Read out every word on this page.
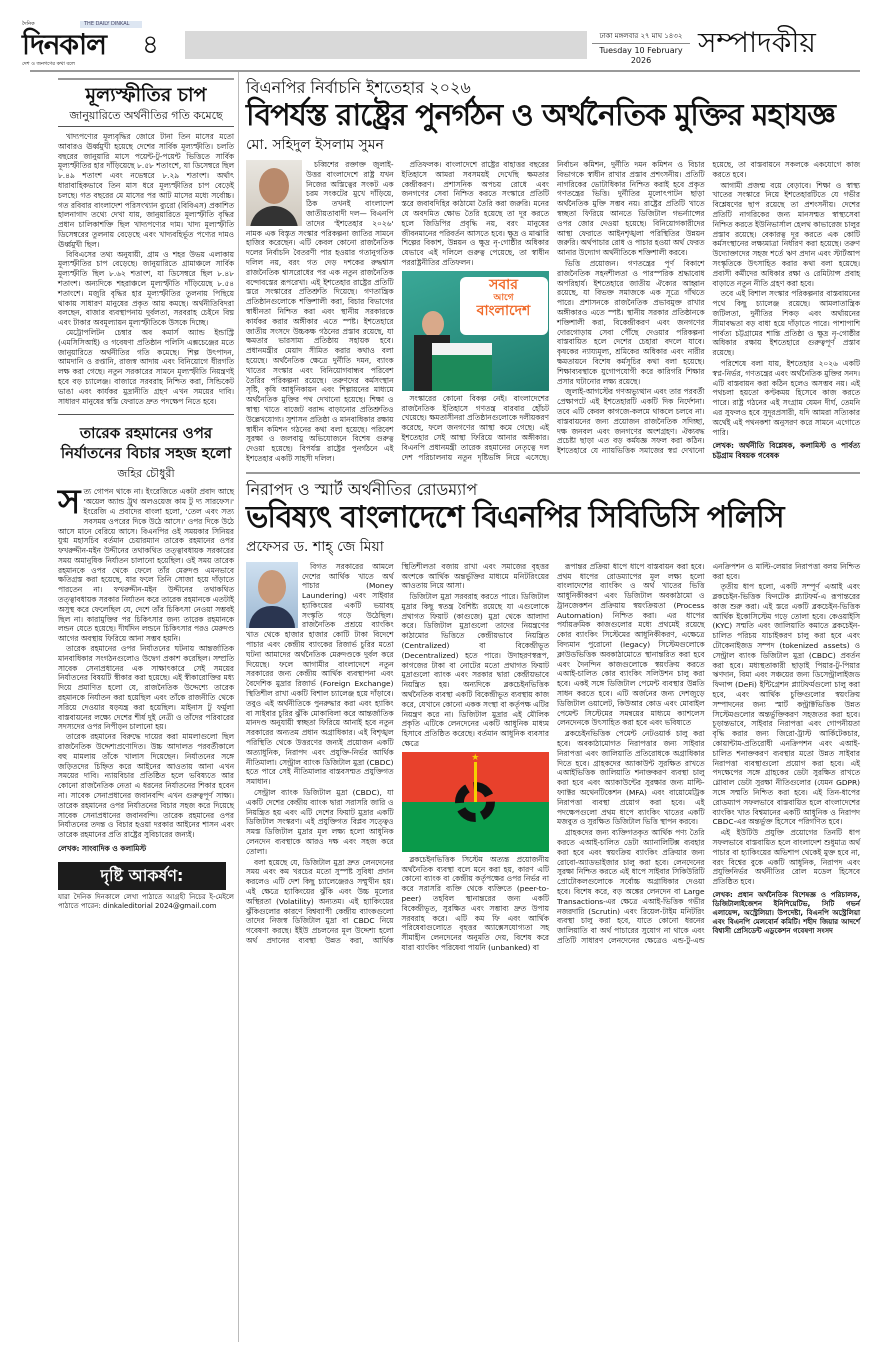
দৈনিক	THE DAILY DINKAL
দিনকাল
দেশ ও জনগণের কথা বলে
৪	ঢাকা মঙ্গলবার ২৭ মাঘ ১৪৩২
Tuesday 10 February 2026
সম্পাদকীয়
মূল্যস্ফীতির চাপ
জানুয়ারিতে অর্থনীতির গতি কমেছে

খাদ্যপণ্যের মূল্যবৃদ্ধির জোরে টানা তিন মাসের মতো আবারও ঊর্ধ্বমুখী হয়েছে দেশের সার্বিক মূল্যস্ফীতি। চলতি বছরের জানুয়ারি মাসে পয়েন্ট-টু-পয়েন্ট ভিত্তিতে সার্বিক মূল্যস্ফীতির হার দাঁড়িয়েছে ৮.৫৮ শতাংশে, যা ডিসেম্বরে ছিল ৮.৪৯ শতাংশ এবং নভেম্বরে ৮.২৯ শতাংশ। অর্থাৎ ধারাবাহিকভাবে তিন মাস ধরে মূল্যস্ফীতির চাপ বেড়েই চলছে। গত বছরের মে মাসের পর আট মাসের মধ্যে সর্বোচ্চ। গত রবিবার বাংলাদেশ পরিসংখ্যান ব্যুরো (বিবিএস) প্রকাশিত হালনাগাদ তথ্যে দেখা যায়, জানুয়ারিতে মূল্যস্ফীতি বৃদ্ধির প্রধান চালিকাশক্তি ছিল খাদ্যপণ্যের দাম। খাদ্য মূল্যস্ফীতি ডিসেম্বরের তুলনায় বেড়েছে এবং খাদ্যবহির্ভূত পণ্যের দামও ঊর্ধ্বমুখী ছিল।

বিবিএসের তথ্য অনুযায়ী, গ্রাম ও শহর উভয় এলাকায় মূল্যস্ফীতির চাপ বেড়েছে। জানুয়ারিতে গ্রামাঞ্চলে সার্বিক মূল্যস্ফীতি ছিল ৮.৬২ শতাংশ, যা ডিসেম্বরে ছিল ৮.৪৮ শতাংশ। অন্যদিকে শহরাঞ্চলে মূল্যস্ফীতি দাঁড়িয়েছে ৮.৫৪ শতাংশে। মজুরি বৃদ্ধির হার মূল্যস্ফীতির তুলনায় পিছিয়ে থাকায় সাধারণ মানুষের প্রকৃত আয় কমছে। অর্থনীতিবিদরা বলছেন, বাজার ব্যবস্থাপনায় দুর্বলতা, সরবরাহ চেইনে বিঘ্ন এবং টাকার অবমূল্যায়ন মূল্যস্ফীতিকে উসকে দিচ্ছে।

মেট্রোপলিটন চেম্বার অব কমার্স অ্যান্ড ইন্ডাস্ট্রি (এমসিসিআই) ও গবেষণা প্রতিষ্ঠান পলিসি এক্সচেঞ্জের মতে জানুয়ারিতে অর্থনীতির গতি কমেছে। শিল্প উৎপাদন, আমদানি ও রপ্তানি, রাজস্ব আদায় এবং বিনিয়োগে ধীরগতি লক্ষ করা গেছে। নতুন সরকারের সামনে মূল্যস্ফীতি নিয়ন্ত্রণই হবে বড় চ্যালেঞ্জ। বাজারে সরবরাহ নিশ্চিত করা, সিন্ডিকেট ভাঙা এবং কার্যকর মুদ্রানীতি গ্রহণ এখন সময়ের দাবি। সাধারণ মানুষের স্বস্তি ফেরাতে দ্রুত পদক্ষেপ নিতে হবে।

তারেক রহমানের ওপর নির্যাতনের বিচার সহজ হলো
জহির চৌধুরী
স ত্য গোপন থাকে না। ইংরেজিতে একটা প্রবাদ আছে 'অয়েল অ্যান্ড ট্রুথ অলওয়েজ কাম টু দ্য সারফেস।' ইংরেজি এ প্রবাদের বাংলা হলো, 'তেল এবং সত্য সবসময় ওপরের দিকে উঠে আসে।' ওপর দিকে উঠে আসে মানে বেরিয়ে আসে। বিএনপির ওই সময়কার সিনিয়র যুগ্ম মহাসচিব বর্তমান চেয়ারম্যান তারেক রহমানের ওপর ফখরুদ্দীন-মইন উদ্দীনের তথাকথিত তত্ত্বাবধায়ক সরকারের সময় অমানুষিক নির্যাতন চালানো হয়েছিল। ওই সময় তারেক রহমানকে ওপর থেকে ফেলে তাঁর মেরুদণ্ড এমনভাবে ক্ষতিগ্রস্ত করা হয়েছে, যার ফলে তিনি সোজা হয়ে দাঁড়াতে পারতেন না। ফখরুদ্দীন-মইন উদ্দীনের তথাকথিত তত্ত্বাবধায়ক সরকার নির্যাতন করে তারেক রহমানকে এতটাই অসুস্থ করে ফেলেছিল যে, দেশে তাঁর চিকিৎসা নেওয়া সম্ভবই ছিল না। কারামুক্তির পর চিকিৎসার জন্য তারেক রহমানকে লন্ডন যেতে হয়েছে। দীর্ঘদিন লন্ডনে চিকিৎসার পরও মেরুদণ্ড আগের অবস্থায় ফিরিয়ে আনা সম্ভব হয়নি।

তারেক রহমানের ওপর নির্যাতনের ঘটনায় আন্তর্জাতিক মানবাধিকার সংগঠনগুলোও উদ্বেগ প্রকাশ করেছিল। সম্প্রতি সাবেক সেনাপ্রধানের এক সাক্ষাৎকারে সেই সময়ের নির্যাতনের বিষয়টি স্বীকার করা হয়েছে। এই স্বীকারোক্তির মধ্য দিয়ে প্রমাণিত হলো যে, রাজনৈতিক উদ্দেশ্যে তারেক রহমানকে নির্যাতন করা হয়েছিল এবং তাঁকে রাজনীতি থেকে সরিয়ে দেওয়ার ষড়যন্ত্র করা হয়েছিল। মাইনাস টু ফর্মুলা বাস্তবায়নের লক্ষ্যে দেশের শীর্ষ দুই নেত্রী ও তাঁদের পরিবারের সদস্যদের ওপর নিপীড়ন চালানো হয়।

তারেক রহমানের বিরুদ্ধে দায়ের করা মামলাগুলো ছিল রাজনৈতিক উদ্দেশ্যপ্রণোদিত। উচ্চ আদালত পরবর্তীকালে বহু মামলায় তাঁকে খালাস দিয়েছেন। নির্যাতনের সঙ্গে জড়িতদের চিহ্নিত করে আইনের আওতায় আনা এখন সময়ের দাবি। ন্যায়বিচার প্রতিষ্ঠিত হলে ভবিষ্যতে আর কোনো রাজনৈতিক নেতা এ ধরনের নির্যাতনের শিকার হবেন না। সাবেক সেনাপ্রধানের জবানবন্দি এখন গুরুত্বপূর্ণ সাক্ষ্য। তারেক রহমানের ওপর নির্যাতনের বিচার সহজ করে দিয়েছে সাবেক সেনাপ্রধানের জবানবন্দি। তারেক রহমানের ওপর নির্যাতনের তদন্ত ও বিচার হওয়া দরকার আইনের শাসন এবং তারেক রহমানের প্রতি রাষ্ট্রের সুবিচারের জন্যই।

লেখক: সাংবাদিক ও কলামিস্ট
দৃষ্টি আকর্ষণ:
যারা দৈনিক দিনকালে লেখা পাঠাতে আগ্রহী নিচের ই-মেইলে পাঠাতে পারেন: dinkaleditorial 2024@gmail.com
বিএনপির নির্বাচনি ইশতেহার ২০২৬
বিপর্যস্ত রাষ্ট্রের পুনর্গঠন ও অর্থনৈতিক মুক্তির মহাযজ্ঞ
মো. সহিদুল ইসলাম সুমন

চব্বিশের রক্তাক্ত জুলাই-উত্তর বাংলাদেশে রাষ্ট্র যখন নিজের অস্তিত্বের সংকট এক চরম সংকটের মুখে দাঁড়িয়ে, ঠিক তখনই বাংলাদেশ জাতীয়তাবাদী দল— বিএনপি তাদের 'ইশতেহার ২০২৬' নামক এক বিস্তৃত সংস্কার পরিকল্পনা জাতির সামনে হাজির করেছেন। এটি কেবল কোনো রাজনৈতিক দলের নির্বাচনি বৈতরণী পার হওয়ার গতানুগতিক দলিল নয়, বরং গত দেড় দশকের রুদ্ধশ্বাস রাজনৈতিক শ্বাসরোধের পর এক নতুন রাজনৈতিক বন্দোবস্তের রূপরেখা। এই ইশতেহার রাষ্ট্রের প্রতিটি স্তরে সংস্কারের প্রতিশ্রুতি দিয়েছে। গণতান্ত্রিক প্রতিষ্ঠানগুলোকে শক্তিশালী করা, বিচার বিভাগের স্বাধীনতা নিশ্চিত করা এবং স্থানীয় সরকারকে কার্যকর করার অঙ্গীকার এতে স্পষ্ট। ইশতেহারে জাতীয় সংসদে উচ্চকক্ষ গঠনের প্রস্তাব রয়েছে, যা ক্ষমতার ভারসাম্য প্রতিষ্ঠায় সহায়ক হবে। প্রধানমন্ত্রীর মেয়াদ সীমিত করার কথাও বলা হয়েছে। অর্থনৈতিক ক্ষেত্রে দুর্নীতি দমন, ব্যাংক খাতের সংস্কার এবং বিনিয়োগবান্ধব পরিবেশ তৈরির পরিকল্পনা রয়েছে। তরুণদের কর্মসংস্থান সৃষ্টি, কৃষি আধুনিকায়ন এবং শিল্পায়নের মাধ্যমে অর্থনৈতিক মুক্তির পথ দেখানো হয়েছে। শিক্ষা ও স্বাস্থ্য খাতে বাজেট বরাদ্দ বাড়ানোর প্রতিশ্রুতিও উল্লেখযোগ্য। সুশাসন প্রতিষ্ঠা ও মানবাধিকার রক্ষায় স্বাধীন কমিশন গঠনের কথা বলা হয়েছে। পরিবেশ সুরক্ষা ও জলবায়ু অভিযোজনে বিশেষ গুরুত্ব দেওয়া হয়েছে। বিপর্যস্ত রাষ্ট্রের পুনর্গঠনে এই ইশতেহার একটি সাহসী দলিল।

প্রতিফলক। বাংলাদেশে রাষ্ট্রের বাহাত্তর বছরের ইতিহাসে আমরা সবসময়ই দেখেছি ক্ষমতার কেন্দ্রীকরণ। প্রশাসনিক অপচয় রোধে এবং জনগণের সেবা নিশ্চিত করতে সংস্কারে প্রতিটি স্তরে জবাবদিহির কাঠামো তৈরি করা জরুরি। মনের যে অবদমিত ক্ষোভ তৈরি হয়েছে তা দূর করতে হলে জিডিপির প্রবৃদ্ধি নয়, বরং মানুষের জীবনমানের পরিবর্তন আসতে হবে। ক্ষুদ্র ও মাঝারি শিল্পের বিকাশ, উন্নয়ন ও ক্ষুদ্র নৃ-গোষ্ঠীর অধিকার যেভাবে এই দলিলে গুরুত্ব পেয়েছে, তা স্বাধীন পররাষ্ট্রনীতির প্রতিফলন।

সবার
আগে
বাংলাদেশ

সংস্কারের কোনো বিকল্প নেই। বাংলাদেশের রাজনৈতিক ইতিহাসে গণতন্ত্র বারবার হোঁচট খেয়েছে। ক্ষমতাসীনরা প্রতিষ্ঠানগুলোকে দলীয়করণ করেছে, ফলে জনগণের আস্থা কমে গেছে। এই ইশতেহার সেই আস্থা ফিরিয়ে আনার অঙ্গীকার। বিএনপি প্রধানমন্ত্রী তারেক রহমানের নেতৃত্বে দল দেশ পরিচালনায় নতুন দৃষ্টিভঙ্গি নিয়ে এসেছে। নির্বাচন কমিশন, দুর্নীতি দমন কমিশন ও বিচার বিভাগকে স্বাধীন রাখার প্রস্তাব প্রশংসনীয়। প্রতিটি নাগরিকের ভোটাধিকার নিশ্চিত করাই হবে প্রকৃত গণতন্ত্রের ভিত্তি। দুর্নীতির মূলোৎপাটন ছাড়া অর্থনৈতিক মুক্তি সম্ভব নয়। রাষ্ট্রের প্রতিটি খাতে স্বচ্ছতা ফিরিয়ে আনতে ডিজিটাল গভর্ন্যান্সের ওপর জোর দেওয়া হয়েছে। বিনিয়োগকারীদের আস্থা ফেরাতে আইনশৃঙ্খলা পরিস্থিতির উন্নয়ন জরুরি। অর্থপাচার রোধ ও পাচার হওয়া অর্থ ফেরত আনার উদ্যোগ অর্থনীতিকে শক্তিশালী করবে।

ভিত্তি প্রয়োজন। গণতন্ত্রের পূর্ণ বিকাশে রাজনৈতিক সহনশীলতা ও পারস্পরিক শ্রদ্ধাবোধ অপরিহার্য। ইশতেহারে জাতীয় ঐক্যের আহ্বান রয়েছে, যা বিভক্ত সমাজকে এক সূত্রে গাঁথতে পারে। প্রশাসনকে রাজনৈতিক প্রভাবমুক্ত রাখার অঙ্গীকারও এতে স্পষ্ট। স্থানীয় সরকার প্রতিষ্ঠানকে শক্তিশালী করা, বিকেন্দ্রীকরণ এবং জনগণের দোরগোড়ায় সেবা পৌঁছে দেওয়ার পরিকল্পনা বাস্তবায়িত হলে দেশের চেহারা বদলে যাবে। কৃষকের ন্যায্যমূল্য, শ্রমিকের অধিকার এবং নারীর ক্ষমতায়নে বিশেষ কর্মসূচির কথা বলা হয়েছে। শিক্ষাব্যবস্থাকে যুগোপযোগী করে কারিগরি শিক্ষার প্রসার ঘটানোর লক্ষ্য রয়েছে।

জুলাই-আগস্টের গণঅভ্যুত্থান এবং তার পরবর্তী প্রেক্ষাপটে এই ইশতেহারটি একটি দিক নির্দেশনা। তবে এটি কেবল কাগজে-কলমে থাকলে চলবে না। বাস্তবায়নের জন্য প্রয়োজন রাজনৈতিক সদিচ্ছা, দক্ষ জনবল এবং জনগণের অংশগ্রহণ। ঐক্যবদ্ধ প্রচেষ্টা ছাড়া এত বড় কর্মযজ্ঞ সফল করা কঠিন। ইশতেহারে যে ন্যায়ভিত্তিক সমাজের স্বপ্ন দেখানো হয়েছে, তা বাস্তবায়নে সকলকে একযোগে কাজ করতে হবে।

আগামী প্রজন্ম বয়ে বেড়াবে। শিক্ষা ও স্বাস্থ্য খাতের সংস্কারে নিয়ে ইশতেহারটিতে যে গভীর বিশ্লেষণের ছাপ রয়েছে তা প্রশংসনীয়। দেশের প্রতিটি নাগরিকের জন্য মানসম্মত স্বাস্থ্যসেবা নিশ্চিত করতে ইউনিভার্সাল হেলথ কাভারেজ চালুর প্রস্তাব রয়েছে। বেকারত্ব দূর করতে এক কোটি কর্মসংস্থানের লক্ষ্যমাত্রা নির্ধারণ করা হয়েছে। তরুণ উদ্যোক্তাদের সহজ শর্তে ঋণ প্রদান এবং স্টার্টআপ সংস্কৃতিকে উৎসাহিত করার কথা বলা হয়েছে। প্রবাসী কর্মীদের অধিকার রক্ষা ও রেমিট্যান্স প্রবাহ বাড়াতে নতুন নীতি গ্রহণ করা হবে।

তবে এই বিশাল সংস্কার পরিকল্পনার বাস্তবায়নের পথে কিছু চ্যালেঞ্জ রয়েছে। আমলাতান্ত্রিক জটিলতা, দুর্নীতির শিকড় এবং অর্থায়নের সীমাবদ্ধতা বড় বাধা হয়ে দাঁড়াতে পারে। পাশাপাশি পার্বত্য চট্টগ্রামের শান্তি প্রতিষ্ঠা ও ক্ষুদ্র নৃ-গোষ্ঠীর অধিকার রক্ষায় ইশতেহারে গুরুত্বপূর্ণ প্রস্তাব রয়েছে।

পরিশেষে বলা যায়, ইশতেহার ২০২৬ একটি স্বপ্ন-নির্ভর, গণতন্ত্রের এবং অর্থনৈতিক মুক্তির সনদ। এটি বাস্তবায়ন করা কঠিন হলেও অসম্ভব নয়। এই পথচলা হয়তো কণ্টকময় হিসেবে কাজ করতে পারে। রাষ্ট্র গঠনের এই সংগ্রাম যেমন দীর্ঘ, তেমনি এর সুফলও হবে সুদূরপ্রসারী, যদি আমরা সত্যিকার অর্থেই এই পথনকশা অনুসরণ করে সামনে এগোতে পারি।

লেখক: অর্থনীতি বিশ্লেষক, কলামিস্ট ও পার্বত্য চট্টগ্রাম বিষয়ক গবেষক
নিরাপদ ও স্মার্ট অর্থনীতির রোডম্যাপ
ভবিষ্যৎ বাংলাদেশে বিএনপির সিবিডিসি পলিসি
প্রফেসর ড. শাহ্ জে মিয়া

বিগত সরকারের আমলে দেশের আর্থিক খাতে অর্থ পাচার (Money Laundering) এবং সাইবার হ্যাকিংয়ের একটি ভয়াবহ সংস্কৃতি গড়ে উঠেছিল। রাজনৈতিক প্রশ্রয়ে ব্যাংকিং খাত থেকে হাজার হাজার কোটি টাকা বিদেশে পাচার এবং কেন্দ্রীয় ব্যাংকের রিজার্ভ চুরির মতো ঘটনা আমাদের অর্থনৈতিক মেরুদণ্ডকে দুর্বল করে দিয়েছে। ফলে আগামীর বাংলাদেশে নতুন সরকারের জন্য কেন্দ্রীয় আর্থিক ব্যবস্থাপনা এবং বৈদেশিক মুদ্রার রিজার্ভ (Foreign Exchange) স্থিতিশীল রাখা একটি বিশাল চ্যালেঞ্জ হয়ে দাঁড়াবে। তবুও এই অর্থনীতিকে পুনরুদ্ধার করা এবং হ্যাকিং বা সাইবার চুরির ঝুঁকি মোকাবিলা করে আন্তর্জাতিক মানদণ্ড অনুযায়ী স্বচ্ছতা ফিরিয়ে আনাই হবে নতুন সরকারের অন্যতম প্রধান অগ্রাধিকার। এই বিশৃঙ্খল পরিস্থিতি থেকে উত্তরণের জন্যই প্রয়োজন একটি অত্যাধুনিক, নিরাপদ এবং প্রযুক্তি-নির্ভর আর্থিক নীতিমালা। সেন্ট্রাল ব্যাংক ডিজিটাল মুদ্রা (CBDC) হতে পারে সেই নীতিমালার বাস্তবসম্মত প্রযুক্তিগত সমাধান।

সেন্ট্রাল ব্যাংক ডিজিটাল মুদ্রা (CBDC), যা একটি দেশের কেন্দ্রীয় ব্যাংক দ্বারা সরাসরি জারি ও নিয়ন্ত্রিত হয় এবং এটি দেশের ফিয়াট মুদ্রার একটি ডিজিটাল সংস্করণ। এই প্রযুক্তিগত বিপ্লব সত্ত্বেও সমস্ত ডিজিটাল মুদ্রার মূল লক্ষ্য হলো আধুনিক লেনদেন ব্যবস্থাকে আরও দক্ষ এবং সহজ করে তোলা।

বলা হয়েছে যে, ডিজিটাল মুদ্রা দ্রুত লেনদেনের সময় এবং কম খরচের মতো সুস্পষ্ট সুবিধা প্রদান করলেও এটি দেশ কিছু চ্যালেঞ্জেরও সম্মুখীন হয়। এই ক্ষেত্রে হ্যাকিংয়ের ঝুঁকি এবং উচ্চ মূল্যের অস্থিরতা (Volatility) অন্যতম। এই হ্যাকিংয়ের ঝুঁকিগুলোর কারণে বিশ্বব্যাপী কেন্দ্রীয় ব্যাংকগুলো তাদের নিজস্ব ডিজিটাল মুদ্রা বা CBDC নিয়ে গবেষণা করছে। ইইউ প্রচলনের মূল উদ্দেশ্য হলো অর্থ প্রদানের ব্যবস্থা উন্নত করা, আর্থিক স্থিতিশীলতা বজায় রাখা এবং সমাজের বৃহত্তর অংশকে আর্থিক অন্তর্ভুক্তির মাধ্যমে মনিটরিংয়ের আওতায় নিয়ে আসা।

ডিজিটাল মুদ্রা সরবরাহ করতে পারে। ডিজিটাল মুদ্রার কিছু স্বতন্ত্র বৈশিষ্ট্য রয়েছে যা এগুলোকে প্রথাগত ফিয়াট (কাগুজে) মুদ্রা থেকে আলাদা করে। ডিজিটাল মুদ্রাগুলো তাদের নিয়ন্ত্রণের কাঠামোর ভিত্তিতে কেন্দ্রীয়ভাবে নিয়ন্ত্রিত (Centralized) বা বিকেন্দ্রীভূত (Decentralized) হতে পারে। উদাহরণস্বরূপ, কাগজের টাকা বা নোটের মতো প্রথাগত ফিয়াট মুদ্রাগুলো ব্যাংক এবং সরকার দ্বারা কেন্দ্রীয়ভাবে নিয়ন্ত্রিত হয়। অন্যদিকে ব্লকচেইনভিত্তিক অর্থনৈতিক ব্যবস্থা একটি বিকেন্দ্রীভূত ব্যবস্থায় কাজ করে, যেখানে কোনো একক সংস্থা বা কর্তৃপক্ষ এটির নিয়ন্ত্রণ করে না। ডিজিটাল মুদ্রার এই মৌলিক প্রকৃতি এটিকে লেনদেনের একটি আধুনিক মাধ্যম হিসাবে প্রতিষ্ঠিত করেছে। বর্তমান আধুনিক ব্যবসার ক্ষেত্রে

★

ব্লকচেইনভিত্তিক সিস্টেম অত্যন্ত প্রয়োজনীয় অর্থনৈতিক ব্যবস্থা বলে মনে করা হয়, কারণ এটি কোনো ব্যাংক বা কেন্দ্রীয় কর্তৃপক্ষের ওপর নির্ভর না করে সরাসরি ব্যক্তি থেকে ব্যক্তিতে (peer-to-peer) তহবিল স্থানান্তরের জন্য একটি বিকেন্দ্রীভূত, সুরক্ষিত এবং সম্ভাব্য দ্রুত উপায় সরবরাহ করে। এটি কম ফি এবং আর্থিক পরিষেবাগুলোতে বৃহত্তর অ্যাক্সেসযোগ্যতা সহ সীমাহীন লেনদেনের অনুমতি দেয়, বিশেষ করে যারা ব্যাংকিং পরিষেবা পায়নি (unbanked) বা

রূপান্তর প্রক্রিয়া ধাপে ধাপে বাস্তবায়ন করা হবে। প্রথম ধাপের রোডম্যাপের মূল লক্ষ্য হলো বাংলাদেশের ব্যাংকিং ও অর্থ খাতের ভিত্তি আধুনিকীকরণ এবং ডিজিটাল অবকাঠামো ও ট্রানজেকশন প্রক্রিয়ায় স্বয়ংক্রিয়তা (Process Automation) নিশ্চিত করা। এর ধাপের পর্যায়ক্রমিক কাজগুলোর মধ্যে প্রথমেই রয়েছে কোর ব্যাংকিং সিস্টেমের আধুনিকীকরণ, এক্ষেত্রে বিদ্যমান পুরোনো (legacy) সিস্টেমগুলোকে ক্লাউডভিত্তিক অবকাঠামোতে স্থানান্তরিত করা হবে এবং দৈনন্দিন কাজগুলোকে স্বয়ংক্রিয় করতে এআই-চালিত কোর ব্যাংকিং সলিউশন চালু করা হবে। একই সঙ্গে ডিজিটাল পেমেন্ট ব্যবস্থার উন্নতি সাধন করতে হবে। এটি অর্জনের জন্য দেশজুড়ে ডিজিটাল ওয়ালেট, কিউআর কোড এবং মোবাইল পেমেন্ট সিস্টেমের সমন্বয়ের মাধ্যমে ক্যাশলেস লেনদেনকে উৎসাহিত করা হবে এবং ভবিষ্যতে

ব্লকচেইনভিত্তিক পেমেন্ট নেটওয়ার্ক চালু করা হবে। অবকাঠামোগত নিরাপত্তার জন্য সাইবার নিরাপত্তা এবং জালিয়াতি প্রতিরোধকে অগ্রাধিকার দিতে হবে। গ্রাহকদের অ্যাকাউন্ট সুরক্ষিত রাখতে এআইভিত্তিক জালিয়াতি শনাক্তকরণ ব্যবস্থা চালু করা হবে এবং অ্যাকাউন্টের সুরক্ষার জন্য মাল্টি-ফ্যাক্টর অথেনটিকেশন (MFA) এবং বায়োমেট্রিক নিরাপত্তা ব্যবস্থা প্রয়োগ করা হবে। এই পদক্ষেপগুলো প্রথম ধাপে ব্যাংকিং খাতের একটি মজবুত ও সুরক্ষিত ডিজিটাল ভিত্তি স্থাপন করবে।

গ্রাহকদের জন্য ব্যক্তিগতকৃত আর্থিক পণ্য তৈরি করতে এআই-চালিত ডেটা অ্যানালিটিক্স ব্যবহার করা হবে এবং স্বয়ংক্রিয় ব্যাংকিং প্রক্রিয়ার জন্য রোবো-অ্যাডভাইজার চালু করা হবে। লেনদেনের সুরক্ষা নিশ্চিত করতে এই ধাপে সাইবার সিকিউরিটি প্রোটোকলগুলোকে সর্বোচ্চ অগ্রাধিকার দেওয়া হবে। বিশেষ করে, বড় অঙ্কের লেনদেন বা Large Transactions-এর ক্ষেত্রে এআই-ভিত্তিক গভীর নজরদারি (Scrutin) এবং রিয়েল-টাইম মনিটরিং ব্যবস্থা চালু করা হবে, যাতে কোনো ধরনের জালিয়াতি বা অর্থ পাচারের সুযোগ না থাকে এবং প্রতিটি সাধারণ লেনদেনের ক্ষেত্রেও এন্ড-টু-এন্ড এনক্রিপশন ও মাল্টি-লেয়ার নিরাপত্তা বলয় নিশ্চিত করা হবে।

তৃতীয় ধাপ হলো, একটি সম্পূর্ণ এআই এবং ব্লকচেইন-ভিত্তিক ফিনটেক প্ল্যাটফর্ম-এ রূপান্তরের কাজ শুরু করা। এই স্তরে একটি ব্লকচেইন-ভিত্তিক আর্থিক ইকোসিস্টেম গড়ে তোলা হবে। কেওয়াইসি (KYC) সম্মতি এবং জালিয়াতি কমাতে ব্লকচেইন-চালিত পরিচয় যাচাইকরণ চালু করা হবে এবং টোকেনাইজড সম্পদ (tokenized assets) ও সেন্ট্রাল ব্যাংক ডিজিটাল মুদ্রা (CBDC) প্রবর্তন করা হবে। মধ্যস্থতাকারী ছাড়াই পিয়ার-টু-পিয়ার ঋণদান, বিমা এবং সঞ্চয়ের জন্য ডিসেন্ট্রালাইজড ফিনান্স (DeFi) ইন্টিগ্রেশন প্ল্যাটফর্মগুলো চালু করা হবে, এবং আর্থিক চুক্তিগুলোর স্বয়ংক্রিয় সম্পাদনের জন্য স্মার্ট কন্ট্রাক্টভিত্তিক উন্নত সিস্টেমগুলোর অন্তর্ভুক্তিকরণ সহজতর করা হবে। চূড়ান্তভাবে, সাইবার নিরাপত্তা এবং গোপনীয়তা বৃদ্ধি করার জন্য জিরো-ট্রাস্ট আর্কিটেকচার, কোয়ান্টাম-প্রতিরোধী এনক্রিপশন এবং এআই-চালিত শনাক্তকরণ ব্যবস্থার মতো উন্নত সাইবার নিরাপত্তা ব্যবস্থাগুলো প্রয়োগ করা হবে। এই পদক্ষেপের সঙ্গে গ্রাহকের ডেটা সুরক্ষিত রাখতে গ্লোবাল ডেটা সুরক্ষা নীতিগুলোর (যেমন GDPR) সঙ্গে সম্মতি নিশ্চিত করা হবে। এই তিন-ধাপের রোডম্যাপ সফলভাবে বাস্তবায়িত হলে বাংলাদেশের ব্যাংকিং খাত বিশ্বমানের একটি আধুনিক ও নিরাপদ CBDC-এর অন্তর্ভুক্ত হিসেবে পরিগণিত হবে।

এই ইউটিউ প্রযুক্তি প্রয়োগের তিনটি ধাপ সফলভাবে বাস্তবায়িত হলে বাংলাদেশ শুধুমাত্র অর্থ পাচার বা হ্যাকিংয়ের অভিশাপ থেকেই মুক্ত হবে না, বরং বিশ্বের বুকে একটি আধুনিক, নিরাপদ এবং প্রযুক্তিনির্ভর অর্থনীতির রোল মডেল হিসেবে প্রতিষ্ঠিত হবে।

লেখক: প্রধান অর্থনৈতিক বিশেষজ্ঞ ও পরিচালক, ডিজিটালাইজেশন ইনিশিয়েটিভ, সিটি গভর্ন এলায়েন্স, অস্ট্রেলিয়া। উপদেষ্টা, বিএনপি অস্ট্রেলিয়া এবং বিএনপি মেলবোর্ন কমিটি। শহীদ জিয়ার আদর্শে বিশ্বাসী প্রেসিডেন্ট এডুকেশন গবেষণা সংসদ
